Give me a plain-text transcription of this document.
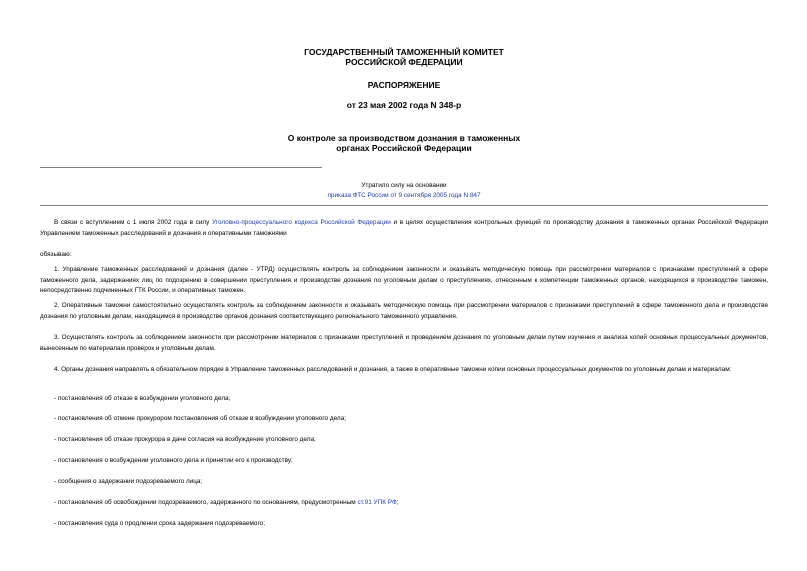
ГОСУДАРСТВЕННЫЙ ТАМОЖЕННЫЙ КОМИТЕТ
РОССИЙСКОЙ ФЕДЕРАЦИИ
РАСПОРЯЖЕНИЕ
от 23 мая 2002 года N 348-р
О контроле за производством дознания в таможенных
органах Российской Федерации
Утратило силу на основании
приказа ФТС России от 9 сентября 2005 года N 847
В связи с вступлением с 1 июля 2002 года в силу Уголовно-процессуального кодекса Российской Федерации и в целях осуществления контрольных функций по производству дознания в таможенных органах Российской Федерации Управлением таможенных расследований и дознания и оперативными таможнями
обязываю:
1. Управление таможенных расследований и дознания (далее - УТРД) осуществлять контроль за соблюдением законности и оказывать методическую помощь при рассмотрении материалов с признаками преступлений в сфере таможенного дела, задержаниях лиц по подозрению в совершении преступления и производстве дознания по уголовным делам о преступлениях, отнесенным к компетенции таможенных органов, находящихся в производстве таможен, непосредственно подчиненных ГТК России, и оперативных таможен.
2. Оперативные таможни самостоятельно осуществлять контроль за соблюдением законности и оказывать методическую помощь при рассмотрении материалов с признаками преступлений в сфере таможенного дела и производстве дознания по уголовным делам, находящимся в производстве органов дознания соответствующего регионального таможенного управления.
3. Осуществлять контроль за соблюдением законности при рассмотрении материалов с признаками преступлений и проведением дознания по уголовным делам путем изучения и анализа копий основных процессуальных документов, вынесенным по материалам проверок и уголовным делам.
4. Органы дознания направлять в обязательном порядке в Управление таможенных расследований и дознания, а также в оперативные таможни копии основных процессуальных документов по уголовным делам и материалам:
- постановления об отказе в возбуждении уголовного дела;
- постановления об отмене прокурором постановления об отказе в возбуждении уголовного дела;
- постановления об отказе прокурора в даче согласия на возбуждение уголовного дела;
- постановления о возбуждении уголовного дела и принятии его к производству;
- сообщения о задержании подозреваемого лица;
- постановления об освобождении подозреваемого, задержанного по основаниям, предусмотренным ст.91 УПК РФ;
- постановления суда о продлении срока задержания подозреваемого;
